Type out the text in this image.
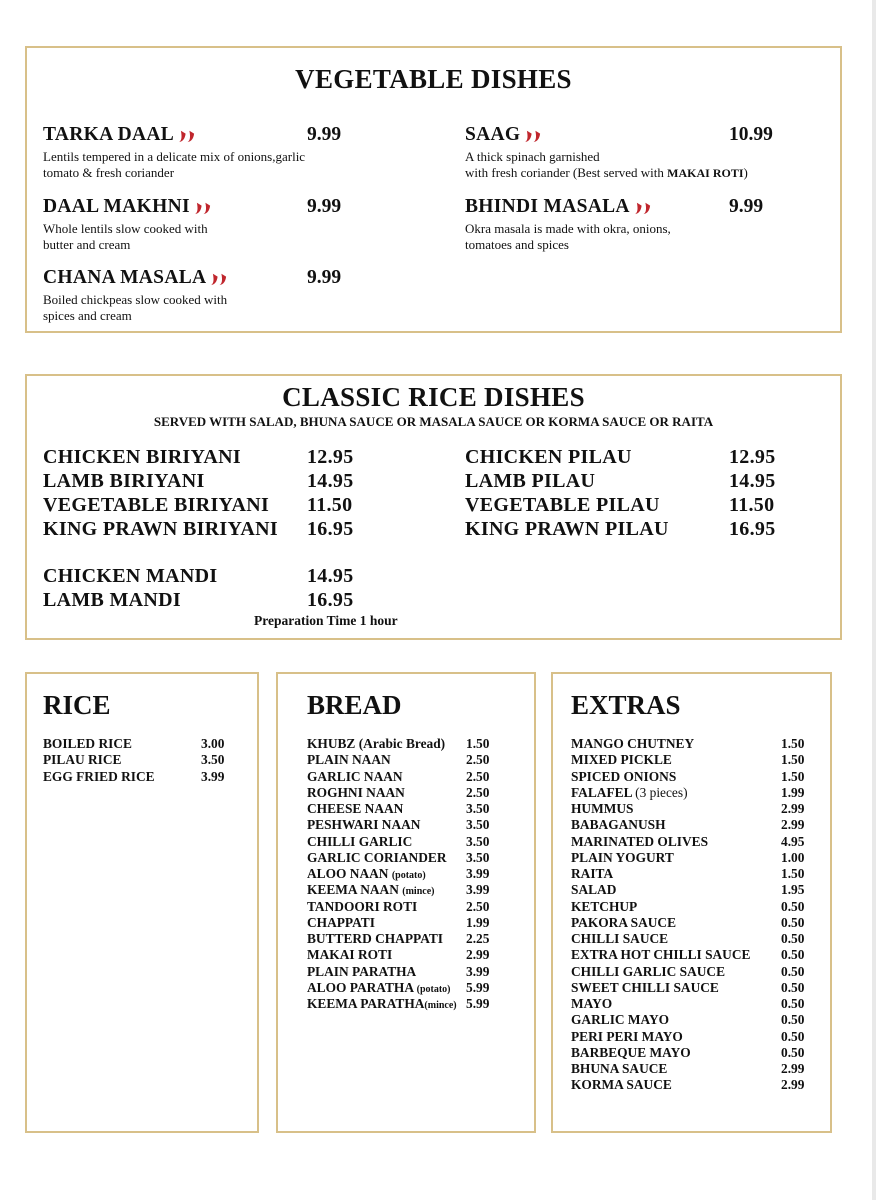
VEGETABLE DISHES
TARKA DAAL	9.99
Lentils tempered in a delicate mix of onions,garlic
tomato & fresh coriander
SAAG	10.99
A thick spinach garnished
with fresh coriander (Best served with MAKAI ROTI)
DAAL MAKHNI	9.99
Whole lentils slow cooked with
butter and cream
BHINDI MASALA	9.99
Okra masala is made with okra, onions,
tomatoes and spices
CHANA MASALA	9.99
Boiled chickpeas slow cooked with
spices and cream
CLASSIC RICE DISHES
SERVED WITH SALAD, BHUNA SAUCE OR MASALA SAUCE OR KORMA SAUCE OR RAITA
CHICKEN BIRIYANI	12.95
LAMB BIRIYANI	14.95
VEGETABLE BIRIYANI 11.50
KING PRAWN BIRIYANI 16.95
CHICKEN PILAU	12.95
LAMB PILAU	14.95
VEGETABLE PILAU	11.50
KING PRAWN PILAU	16.95
CHICKEN MANDI	14.95
LAMB MANDI	16.95
Preparation Time 1 hour
RICE
BOILED RICE	3.00
PILAU RICE	3.50
EGG FRIED RICE	3.99
BREAD
KHUBZ (Arabic Bread) 1.50
PLAIN NAAN	2.50
GARLIC NAAN	2.50
ROGHNI NAAN	2.50
CHEESE NAAN	3.50
PESHWARI NAAN	3.50
CHILLI GARLIC	3.50
GARLIC CORIANDER 3.50
ALOO NAAN (potato)	3.99
KEEMA NAAN (mince) 3.99
TANDOORI ROTI	2.50
CHAPPATI	1.99
BUTTERD CHAPPATI 2.25
MAKAI ROTI	2.99
PLAIN PARATHA	3.99
ALOO PARATHA (potato) 5.99
KEEMA PARATHA(mince) 5.99
EXTRAS
MANGO CHUTNEY	1.50
MIXED PICKLE	1.50
SPICED ONIONS	1.50
FALAFEL (3 pieces)	1.99
HUMMUS	2.99
BABAGANUSH	2.99
MARINATED OLIVES	4.95
PLAIN YOGURT	1.00
RAITA	1.50
SALAD	1.95
KETCHUP	0.50
PAKORA SAUCE	0.50
CHILLI SAUCE	0.50
EXTRA HOT CHILLI SAUCE 0.50
CHILLI GARLIC SAUCE	0.50
SWEET CHILLI SAUCE	0.50
MAYO	0.50
GARLIC MAYO	0.50
PERI PERI MAYO	0.50
BARBEQUE MAYO	0.50
BHUNA SAUCE	2.99
KORMA SAUCE	2.99
